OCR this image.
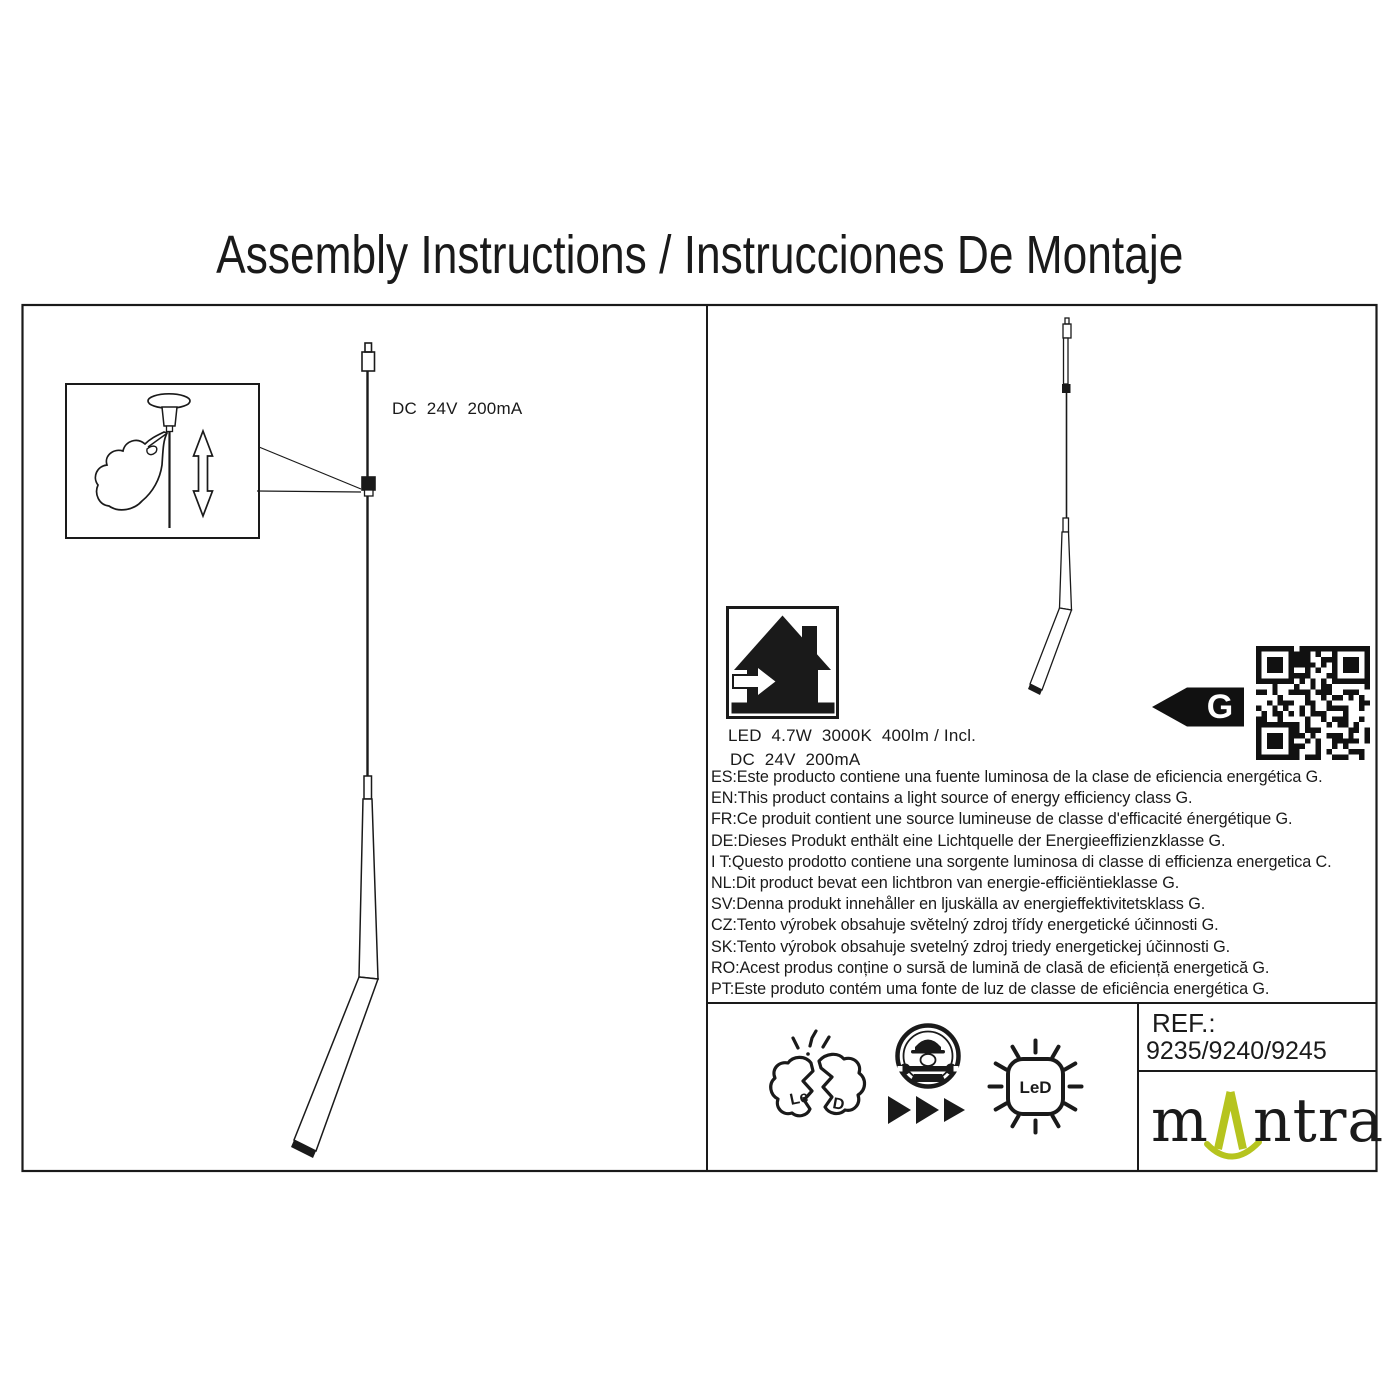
Le D
LeD
Assembly Instructions / Instrucciones De Montaje
DC  24V  200mA
LED  4.7W  3000K  400lm / Incl.
DC  24V  200mA
ES:Este producto contiene una fuente luminosa de la clase de eficiencia energética G.
EN:This product contains a light source of energy efficiency class G.
FR:Ce produit contient une source lumineuse de classe d'efficacité énergétique G.
DE:Dieses Produkt enthält eine Lichtquelle der Energieeffizienzklasse G.
I T:Questo prodotto contiene una sorgente luminosa di classe di efficienza energetica C.
NL:Dit product bevat een lichtbron van energie-efficiëntieklasse G.
SV:Denna produkt innehåller en ljuskälla av energieffektivitetsklass G.
CZ:Tento výrobek obsahuje světelný zdroj třídy energetické účinnosti G.
SK:Tento výrobok obsahuje svetelný zdroj triedy energetickej účinnosti G.
RO:Acest produs conține o sursă de lumină de clasă de eficiență energetică G.
PT:Este produto contém uma fonte de luz de classe de eficiência energética G.
G
REF.:
9235/9240/9245
m ntra
